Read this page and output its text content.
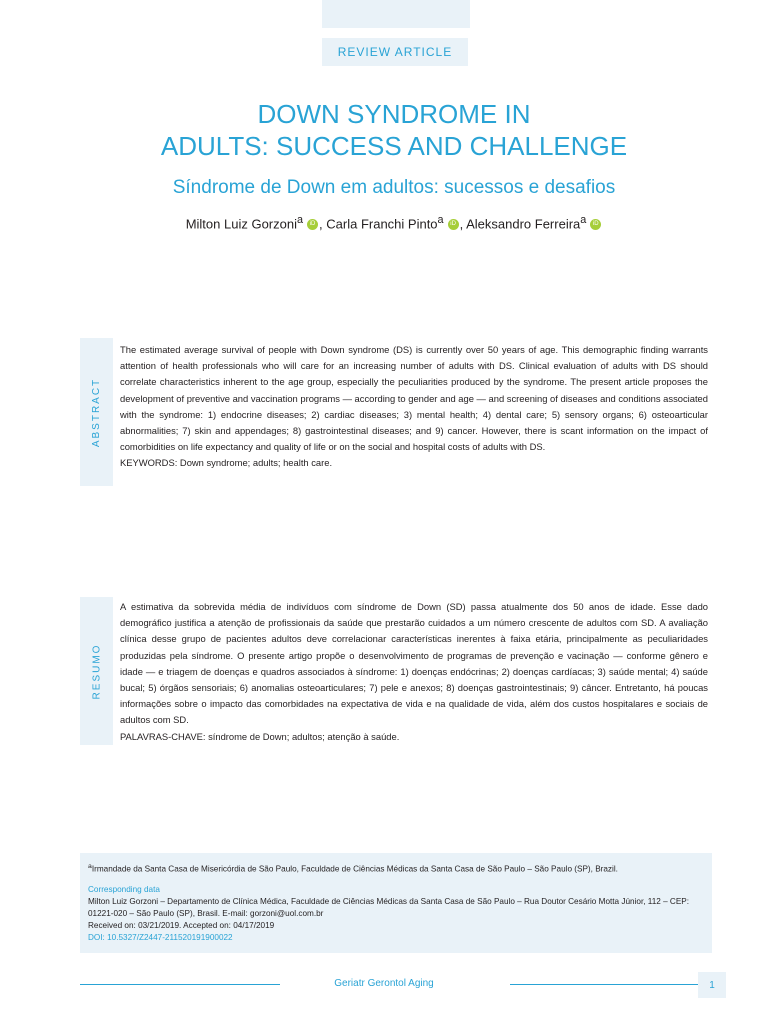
REVIEW ARTICLE
DOWN SYNDROME IN
ADULTS: SUCCESS AND CHALLENGE
Síndrome de Down em adultos: sucessos e desafios
Milton Luiz Gorzoni$^a$ iD , Carla Franchi Pinto$^a$ iD , Aleksandro Ferreira$^a$ iD
ABSTRACT

The estimated average survival of people with Down syndrome (DS) is currently over 50 years of age. This demographic finding warrants attention of health professionals who will care for an increasing number of adults with DS. Clinical evaluation of adults with DS should correlate characteristics inherent to the age group, especially the peculiarities produced by the syndrome. The present article proposes the development of preventive and vaccination programs — according to gender and age — and screening of diseases and conditions associated with the syndrome: 1) endocrine diseases; 2) cardiac diseases; 3) mental health; 4) dental care; 5) sensory organs; 6) osteoarticular abnormalities; 7) skin and appendages; 8) gastrointestinal diseases; and 9) cancer. However, there is scant information on the impact of comorbidities on life expectancy and quality of life or on the social and hospital costs of adults with DS.

KEYWORDS: Down syndrome; adults; health care.

RESUMO

A estimativa da sobrevida média de indivíduos com síndrome de Down (SD) passa atualmente dos 50 anos de idade. Esse dado demográfico justifica a atenção de profissionais da saúde que prestarão cuidados a um número crescente de adultos com SD. A avaliação clínica desse grupo de pacientes adultos deve correlacionar características inerentes à faixa etária, principalmente as peculiaridades produzidas pela síndrome. O presente artigo propõe o desenvolvimento de programas de prevenção e vacinação — conforme gênero e idade — e triagem de doenças e quadros associados à síndrome: 1) doenças endócrinas; 2) doenças cardíacas; 3) saúde mental; 4) saúde bucal; 5) órgãos sensoriais; 6) anomalias osteoarticulares; 7) pele e anexos; 8) doenças gastrointestinais; 9) câncer. Entretanto, há poucas informações sobre o impacto das comorbidades na expectativa de vida e na qualidade de vida, além dos custos hospitalares e sociais de adultos com SD.

PALAVRAS-CHAVE: síndrome de Down; adultos; atenção à saúde.

$^a$Irmandade da Santa Casa de Misericórdia de São Paulo, Faculdade de Ciências Médicas da Santa Casa de São Paulo – São Paulo (SP), Brazil.
Corresponding data
Milton Luiz Gorzoni – Departamento de Clínica Médica, Faculdade de Ciências Médicas da Santa Casa de São Paulo – Rua Doutor Cesário Motta Júnior, 112 – CEP: 01221-020 – São Paulo (SP), Brasil. E-mail: gorzoni@uol.com.br
Received on: 03/21/2019. Accepted on: 04/17/2019
DOI: 10.5327/Z2447-211520191900022
Geriatr Gerontol Aging	1
